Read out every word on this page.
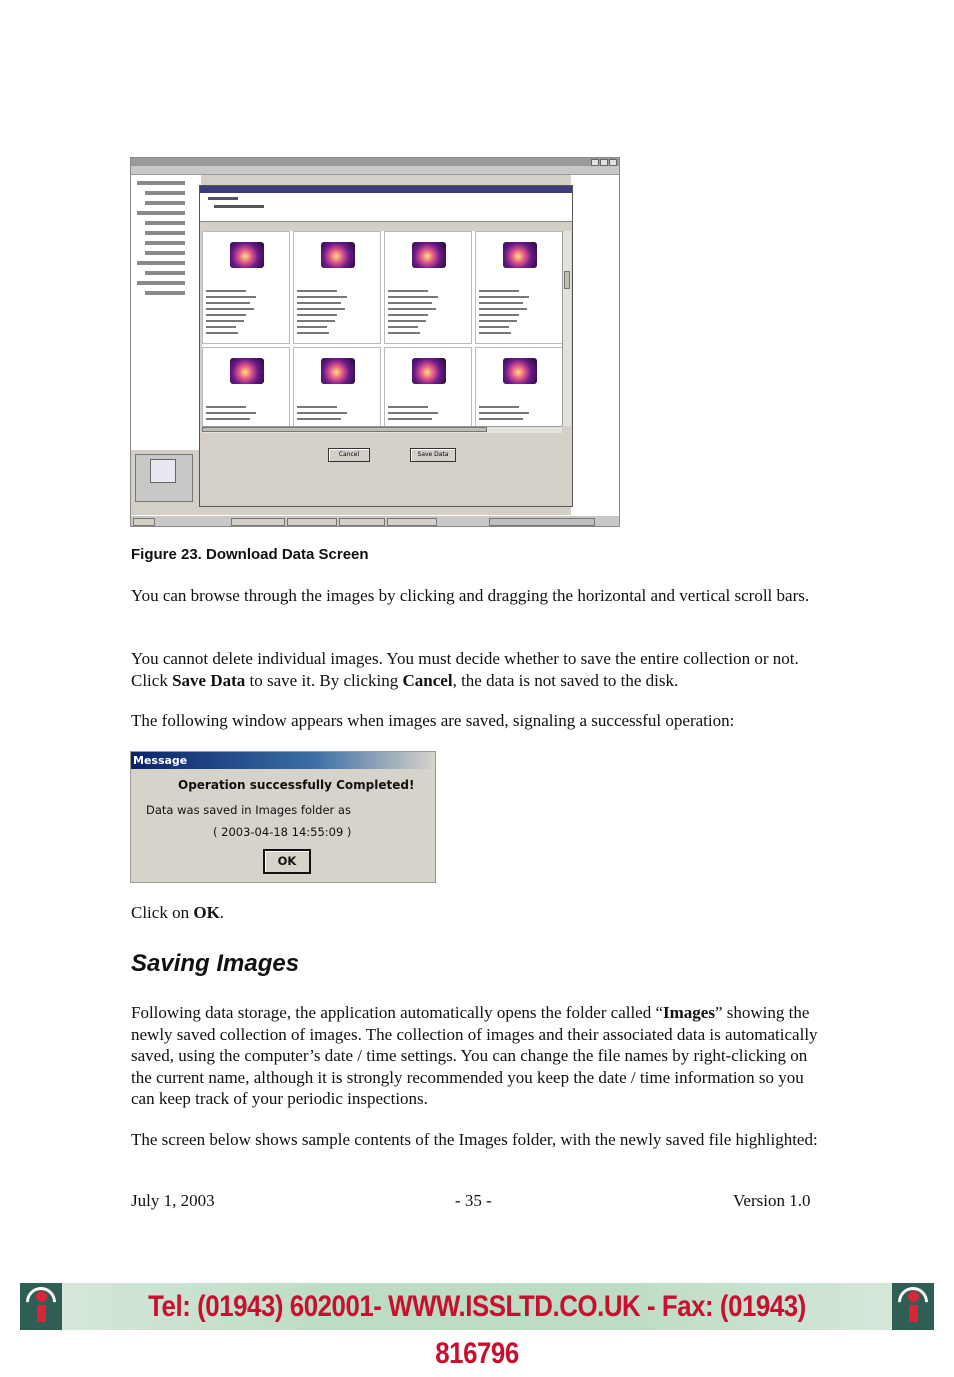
Cancel	Save Data
Figure 23. Download Data Screen
You can browse through the images by clicking and dragging the horizontal and vertical scroll bars.
You cannot delete individual images. You must decide whether to save the entire collection or not. Click Save Data to save it. By clicking Cancel, the data is not saved to the disk.
The following window appears when images are saved, signaling a successful operation:
Message
Operation successfully Completed!
Data was saved in Images folder as
( 2003-04-18 14:55:09 )
OK
Click on OK.
Saving Images
Following data storage, the application automatically opens the folder called “Images” showing the newly saved collection of images. The collection of images and their associated data is automatically saved, using the computer’s date / time settings. You can change the file names by right-clicking on the current name, although it is strongly recommended you keep the date / time information so you can keep track of your periodic inspections.
The screen below shows sample contents of the Images folder, with the newly saved file highlighted:
July 1, 2003	- 35 -	Version 1.0
Tel: (01943) 602001- WWW.ISSLTD.CO.UK - Fax: (01943) 816796
